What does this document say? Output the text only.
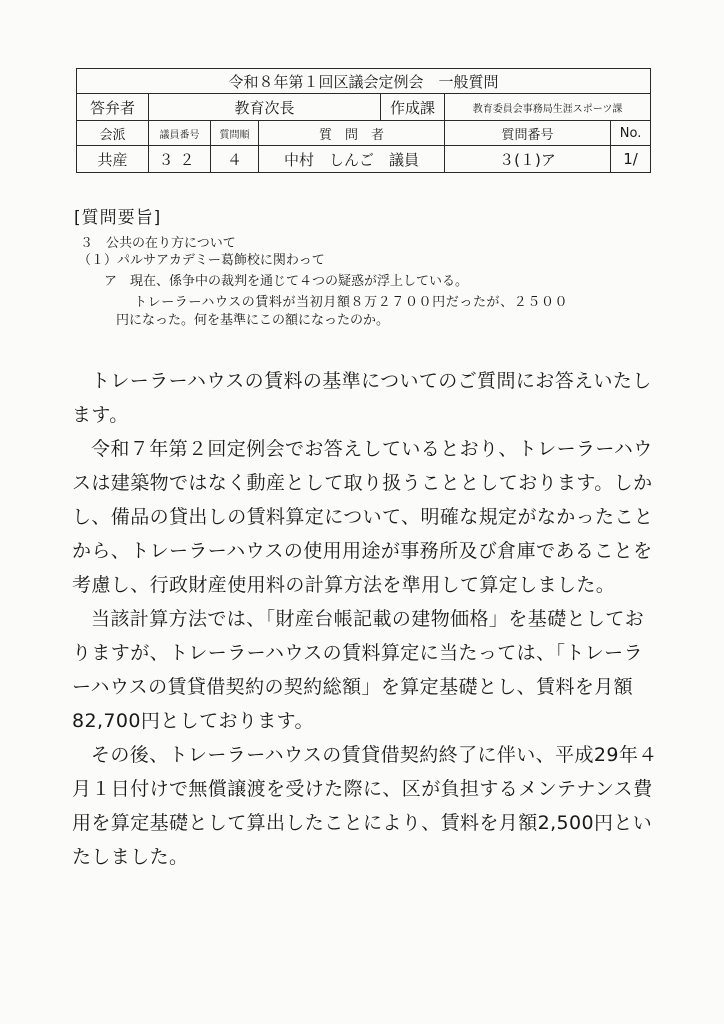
令和８年第１回区議会定例会　一般質問						
答弁者	教育次長			作成課	教育委員会事務局生涯スポーツ課	
会派	議員番号	質問順	質　問　者		質問番号	No.
共産	３２	４	中村　しんご　議員		３(１)ア	1/
[質問要旨]
３　公共の在り方について
（１）パルサアカデミー葛飾校に関わって
ア　現在、係争中の裁判を通じて４つの疑惑が浮上している。
トレーラーハウスの賃料が当初月額８万２７００円だったが、２５００
円になった。何を基準にこの額になったのか。

トレーラーハウスの賃料の基準についてのご質問にお答えいたします。

令和７年第２回定例会でお答えしているとおり、トレーラーハウスは建築物ではなく動産として取り扱うこととしております。しかし、備品の貸出しの賃料算定について、明確な規定がなかったことから、トレーラーハウスの使用用途が事務所及び倉庫であることを考慮し、行政財産使用料の計算方法を準用して算定しました。

当該計算方法では、「財産台帳記載の建物価格」を基礎としておりますが、トレーラーハウスの賃料算定に当たっては、「トレーラーハウスの賃貸借契約の契約総額」を算定基礎とし、賃料を月額82,700円としております。

その後、トレーラーハウスの賃貸借契約終了に伴い、平成29年４月１日付けで無償譲渡を受けた際に、区が負担するメンテナンス費用を算定基礎として算出したことにより、賃料を月額2,500円といたしました。
